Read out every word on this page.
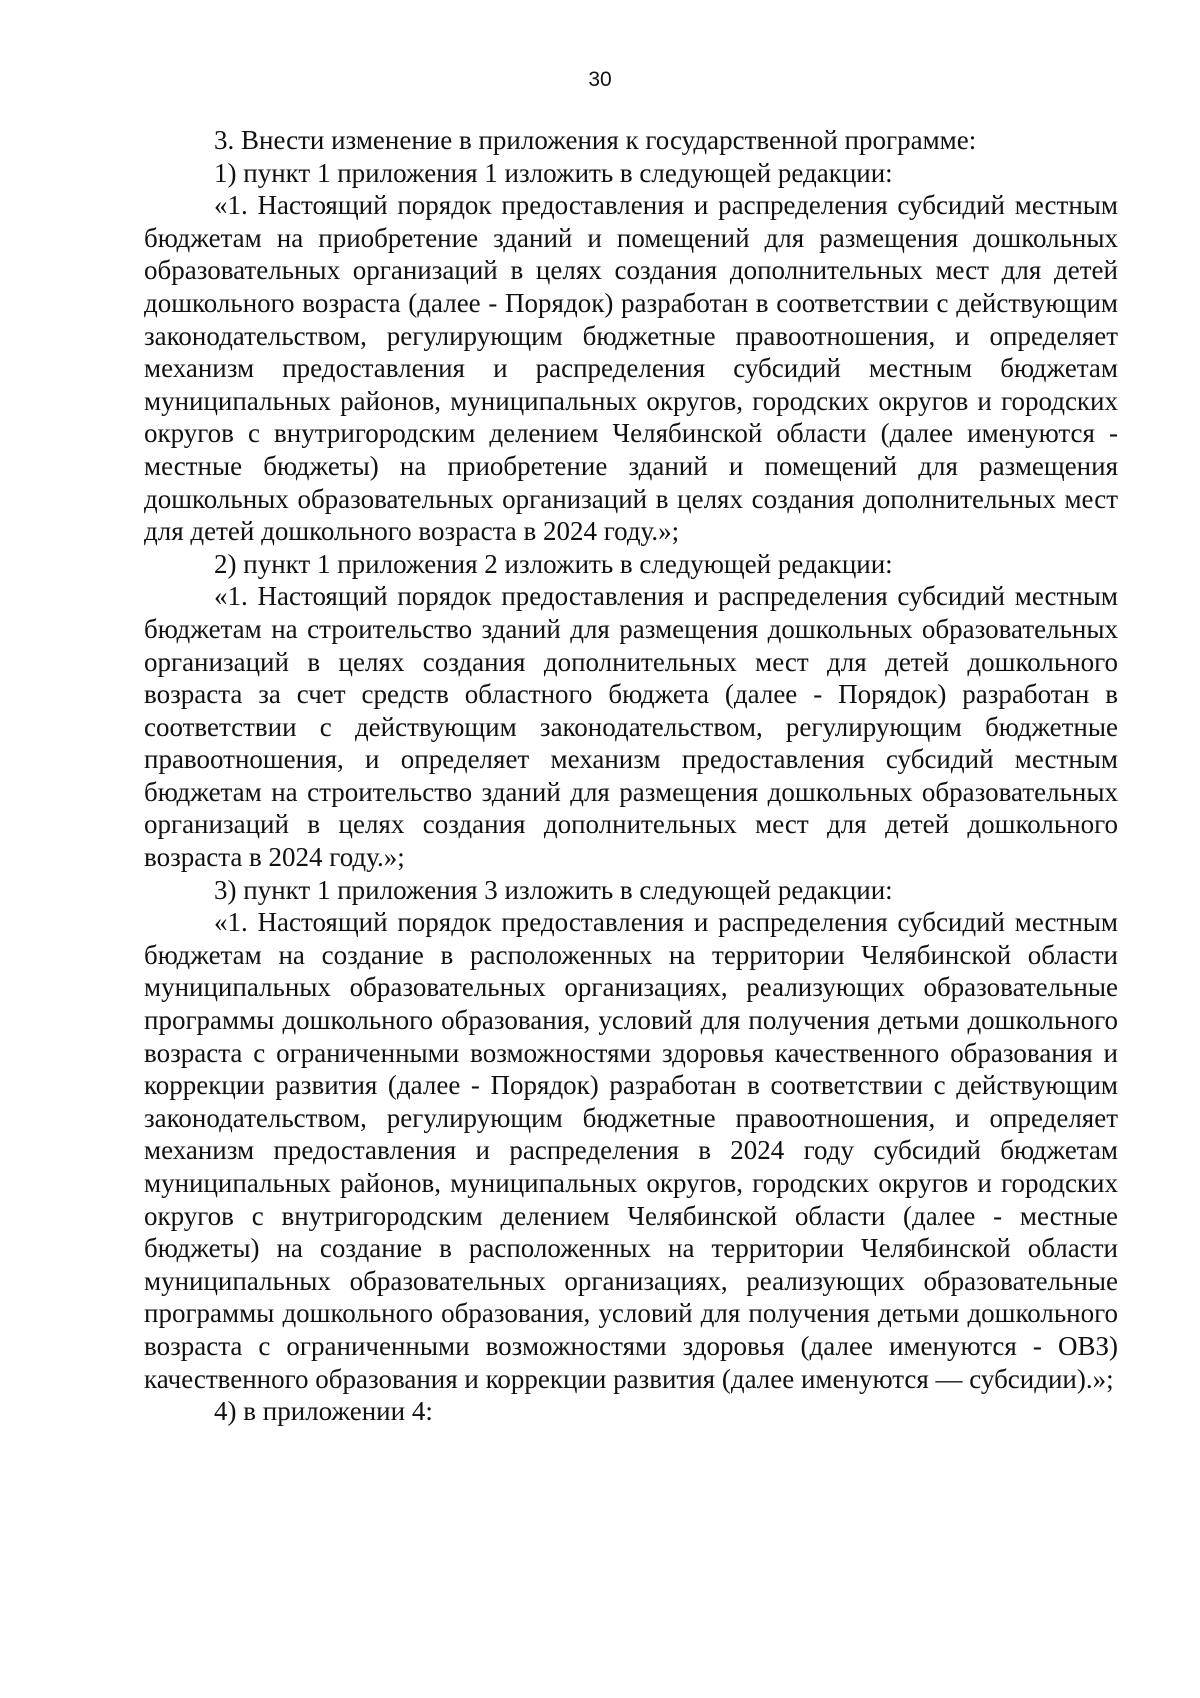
30

3. Внести изменение в приложения к государственной программе:

1) пункт 1 приложения 1 изложить в следующей редакции:

«1. Настоящий порядок предоставления и распределения субсидий местным бюджетам на приобретение зданий и помещений для размещения дошкольных образовательных организаций в целях создания дополнительных мест для детей дошкольного возраста (далее - Порядок) разработан в соответствии с действующим законодательством, регулирующим бюджетные правоотношения, и определяет механизм предоставления и распределения субсидий местным бюджетам муниципальных районов, муниципальных округов, городских округов и городских округов с внутригородским делением Челябинской области (далее именуются - местные бюджеты) на приобретение зданий и помещений для размещения дошкольных образовательных организаций в целях создания дополнительных мест для детей дошкольного возраста в 2024 году.»;

2) пункт 1 приложения 2 изложить в следующей редакции:

«1. Настоящий порядок предоставления и распределения субсидий местным бюджетам на строительство зданий для размещения дошкольных образовательных организаций в целях создания дополнительных мест для детей дошкольного возраста за счет средств областного бюджета (далее - Порядок) разработан в соответствии с действующим законодательством, регулирующим бюджетные правоотношения, и определяет механизм предоставления субсидий местным бюджетам на строительство зданий для размещения дошкольных образовательных организаций в целях создания дополнительных мест для детей дошкольного возраста в 2024 году.»;

3) пункт 1 приложения 3 изложить в следующей редакции:

«1. Настоящий порядок предоставления и распределения субсидий местным бюджетам на создание в расположенных на территории Челябинской области муниципальных образовательных организациях, реализующих образовательные программы дошкольного образования, условий для получения детьми дошкольного возраста с ограниченными возможностями здоровья качественного образования и коррекции развития (далее - Порядок) разработан в соответствии с действующим законодательством, регулирующим бюджетные правоотношения, и определяет механизм предоставления и распределения в 2024 году субсидий бюджетам муниципальных районов, муниципальных округов, городских округов и городских округов с внутригородским делением Челябинской области (далее - местные бюджеты) на создание в расположенных на территории Челябинской области муниципальных образовательных организациях, реализующих образовательные программы дошкольного образования, условий для получения детьми дошкольного возраста с ограниченными возможностями здоровья (далее именуются - ОВЗ) качественного образования и коррекции развития (далее именуются — субсидии).»;

4) в приложении 4:
